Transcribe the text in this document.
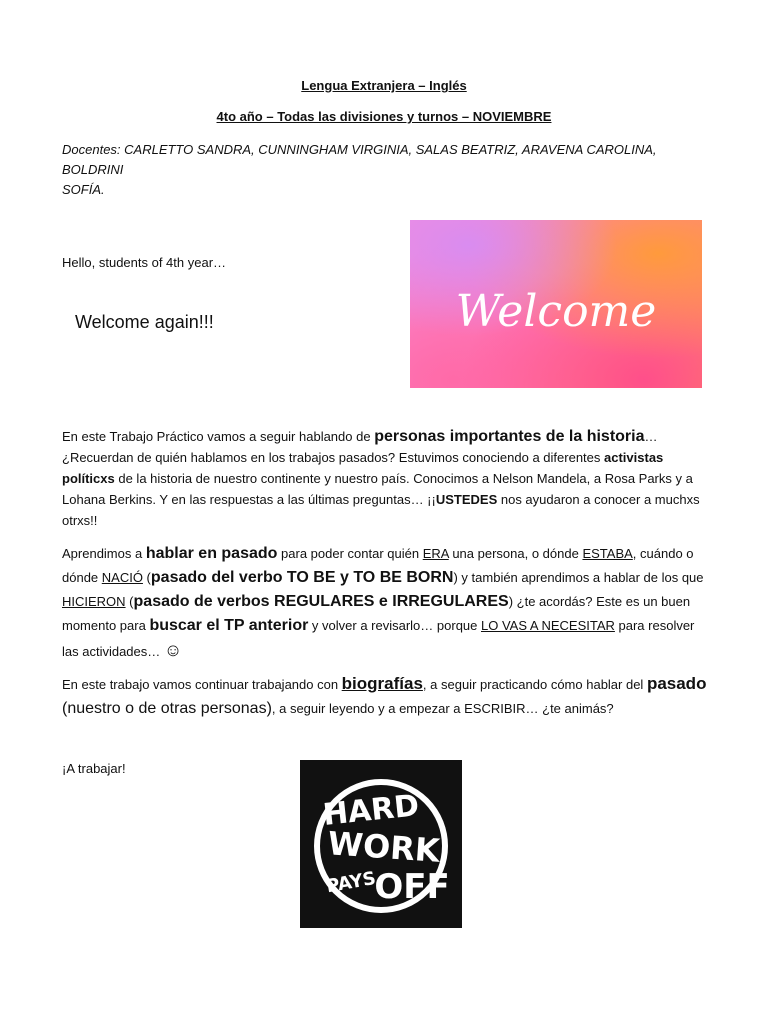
Lengua Extranjera – Inglés
4to año – Todas las divisiones y turnos – NOVIEMBRE
Docentes: CARLETTO SANDRA, CUNNINGHAM VIRGINIA, SALAS BEATRIZ, ARAVENA CAROLINA, BOLDRINI
SOFÍA.
Hello, students of 4th year…
Welcome again!!!	Welcome
En este Trabajo Práctico vamos a seguir hablando de personas importantes de la historia…
¿Recuerdan de quién hablamos en los trabajos pasados? Estuvimos conociendo a diferentes activistas políticxs de la historia de nuestro continente y nuestro país. Conocimos a Nelson Mandela, a Rosa Parks y a Lohana Berkins. Y en las respuestas a las últimas preguntas… ¡¡USTEDES nos ayudaron a conocer a muchxs otrxs!!
Aprendimos a hablar en pasado para poder contar quién ERA una persona, o dónde ESTABA, cuándo o dónde NACIÓ (pasado del verbo TO BE y TO BE BORN) y también aprendimos a hablar de los que HICIERON (pasado de verbos REGULARES e IRREGULARES) ¿te acordás? Este es un buen momento para buscar el TP anterior y volver a revisarlo… porque LO VAS A NECESITAR para resolver las actividades… ☺
En este trabajo vamos continuar trabajando con biografías, a seguir practicando cómo hablar del pasado (nuestro o de otras personas), a seguir leyendo y a empezar a ESCRIBIR… ¿te animás?
¡A trabajar!
HARD
WORK
PAYS
OFF
